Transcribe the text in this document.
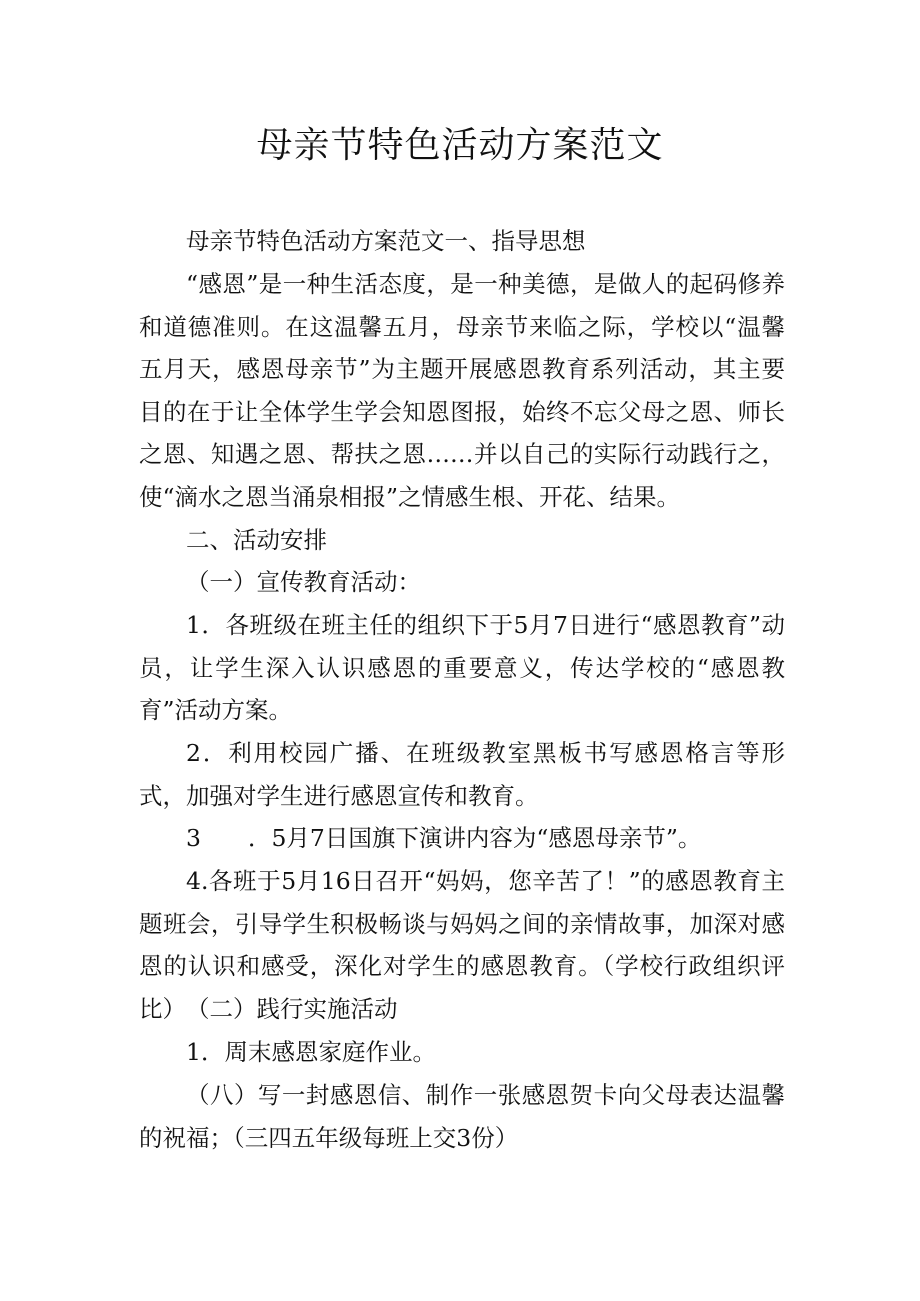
母亲节特色活动方案范文

母亲节特色活动方案范文一、指导思想

“感恩”是一种生活态度，是一种美德，是做人的起码修养和道德准则。在这温馨五月，母亲节来临之际，学校以“温馨五月天，感恩母亲节”为主题开展感恩教育系列活动，其主要目的在于让全体学生学会知恩图报，始终不忘父母之恩、师长之恩、知遇之恩、帮扶之恩……并以自己的实际行动践行之，使“滴水之恩当涌泉相报”之情感生根、开花、结果。

二、活动安排

（一）宣传教育活动：

1．各班级在班主任的组织下于5月7日进行“感恩教育”动员，让学生深入认识感恩的重要意义，传达学校的“感恩教育”活动方案。

2．利用校园广播、在班级教室黑板书写感恩格言等形式，加强对学生进行感恩宣传和教育。

3　　．5月7日国旗下演讲内容为“感恩母亲节”。

4.各班于5月16日召开“妈妈，您辛苦了！”的感恩教育主题班会，引导学生积极畅谈与妈妈之间的亲情故事，加深对感恩的认识和感受，深化对学生的感恩教育。（学校行政组织评比） （二）践行实施活动

1．周末感恩家庭作业。

（八）写一封感恩信、制作一张感恩贺卡向父母表达温馨的祝福；（三四五年级每班上交3份）
